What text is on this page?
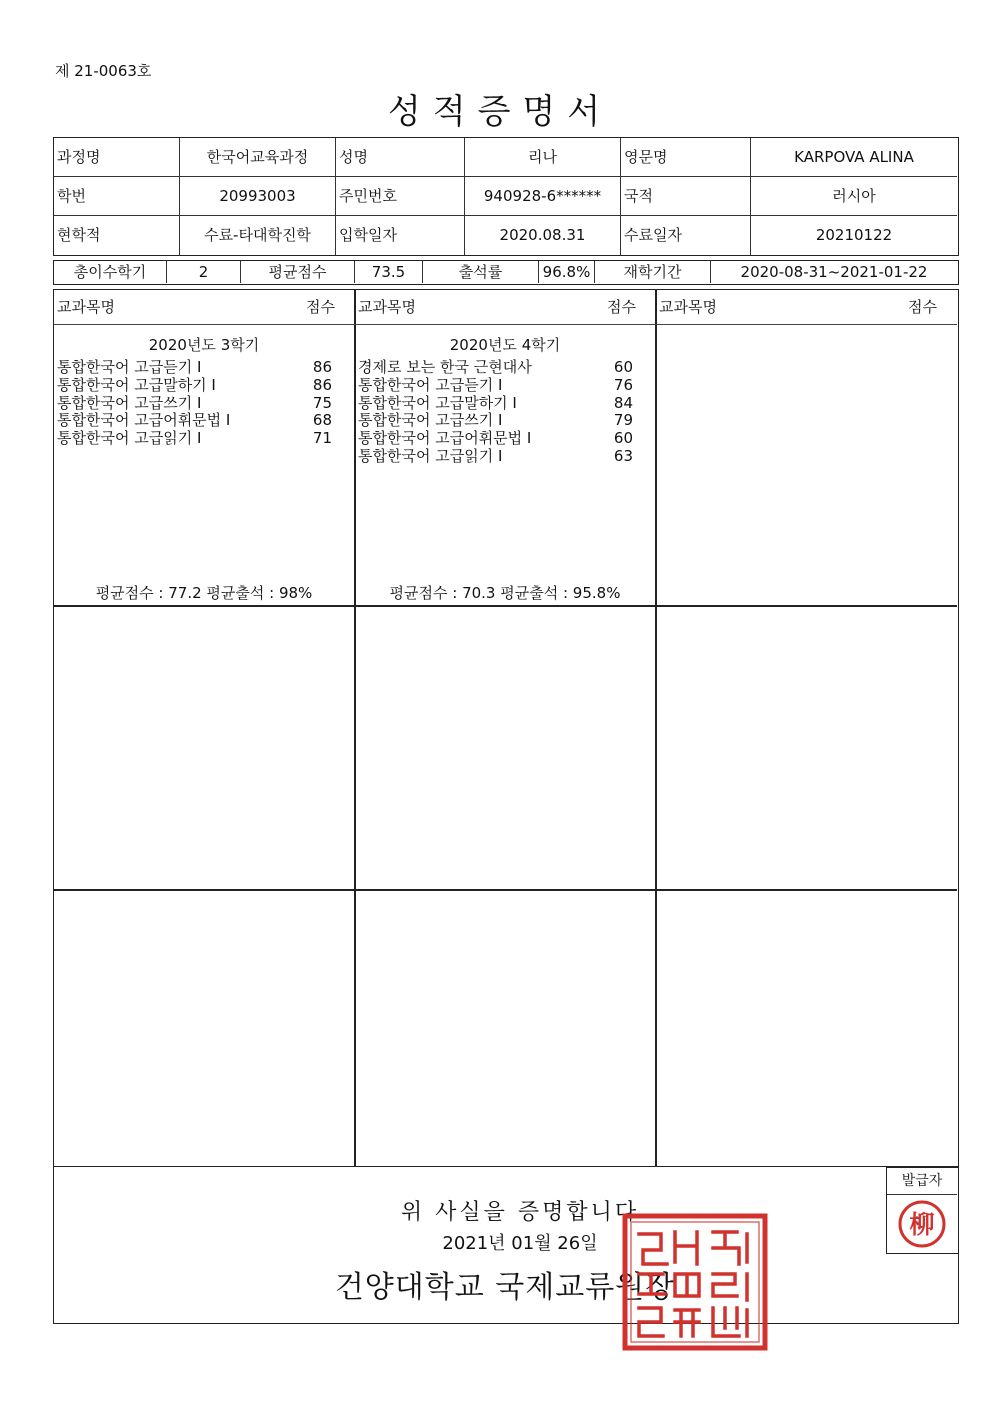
제 21-0063호
성적증명서
과정명	한국어교육과정	성명	리나	영문명	KARPOVA ALINA
학번	20993003	주민번호	940928-6******	국적	러시아
현학적	수료-타대학진학	입학일자	2020.08.31	수료일자	20210122
총이수학기	2	평균점수	73.5	출석률	96.8%	재학기간	2020-08-31~2021-01-22
교과목명	점수 교과목명	점수 교과목명	점수
2020년도 3학기
통합한국어 고급듣기 I	86
통합한국어 고급말하기 I	86
통합한국어 고급쓰기 I	75
통합한국어 고급어휘문법 I	68
통합한국어 고급읽기 I	71
평균점수 : 77.2 평균출석 : 98%
2020년도 4학기
경제로 보는 한국 근현대사	60
통합한국어 고급듣기 I	76
통합한국어 고급말하기 I	84
통합한국어 고급쓰기 I	79
통합한국어 고급어휘문법 I	60
통합한국어 고급읽기 I	63
평균점수 : 70.3 평균출석 : 95.8%
발급자
柳
위 사실을 증명합니다
2021년 01월 26일
건양대학교 국제교류원장
